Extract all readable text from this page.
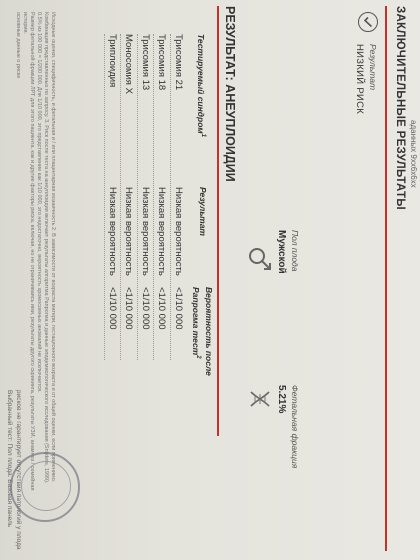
аданных 9хх6х6хх
ЗАКЛЮЧИТЕЛЬНЫЕ РЕЗУЛЬТАТЫ
Результат
НИЗКИЙ РИСК
Пол плода
Мужской
Фетальная фракция
5.21%
РЕЗУЛЬТАТ: АНЕУПЛОИДИИ
Тестируемый синдром$^1$
Результат
Вероятность после
Рапрогма тест$^2$
Трисомия 21
Низкая вероятность
<1/10 000
Трисомия 18
Низкая вероятность
<1/10 000
Трисомия 13
Низкая вероятность
<1/10 000
Моносомия Х
Низкая вероятность
<1/10 000
Триплоидия
Низкая вероятность
<1/10 000
Исходные оценки, специфичность, и фетальная и / или плацентарная мозаичность 2. В зависимости от возраста матери, гестационного возраста и от общей оценки, если применимо.
Комбинация представленных по запросу. 3. Риск после теста на анеуплоидии включает результаты алгоритма Рапрогма и данные эпидемиологического исследования (Snijders, 1999).
0.5% из 100 000 = 1/200 000. Для 1/10 000, это представление как 1/10 000, это недостаточно, вероятность хромосомных аномалий не исключается.
Размер фетальной фракции ЛРТ для этого пациента, как и другие факторы риска, включая, но не ограничиваясь ими, результаты другого скрининга, результаты УЗИ, анамнез / семейная история.
основные данные о риске
рисков не гарантирует отсутствия патологий у плода
Выбранный тест: Пол плода. Базовая панель
